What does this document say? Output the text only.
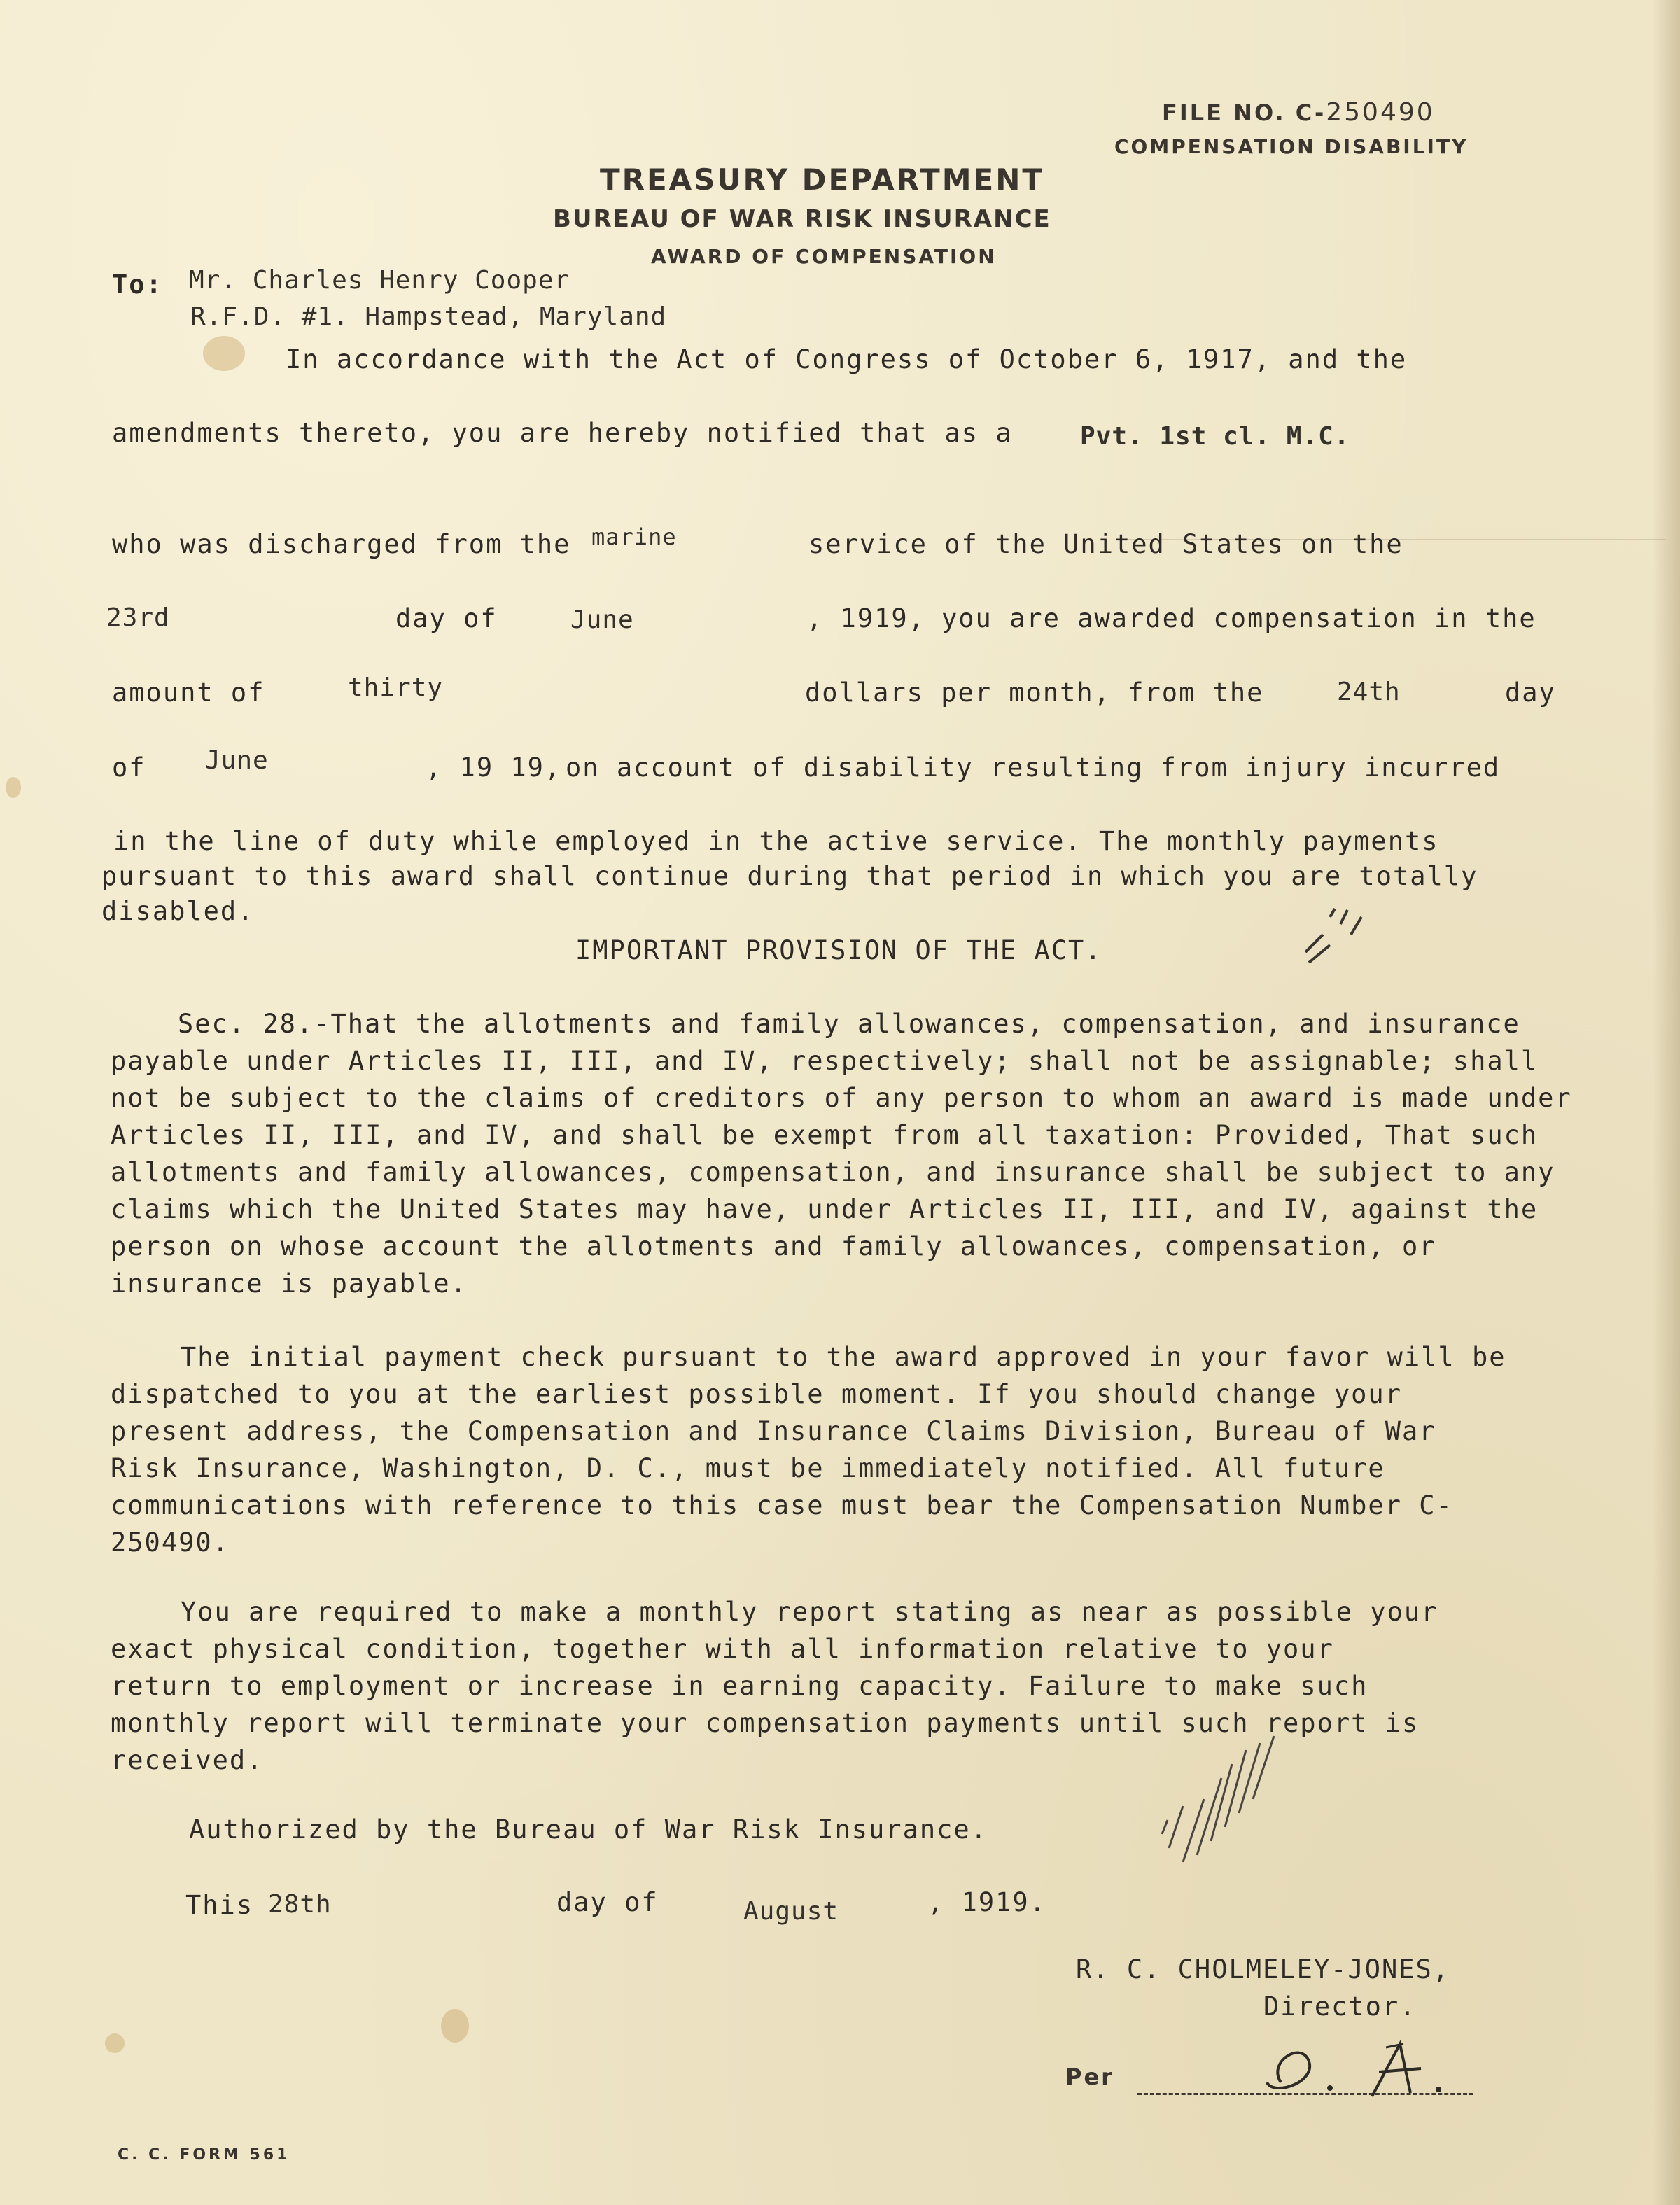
FILE NO. C-250490
COMPENSATION DISABILITY
TREASURY DEPARTMENT
BUREAU OF WAR RISK INSURANCE
AWARD OF COMPENSATION
To: Mr. Charles Henry Cooper
R.F.D. #1. Hampstead, Maryland
In accordance with the Act of Congress of October 6, 1917, and the
amendments thereto, you are hereby notified that as a	Pvt. 1st cl. M.C.
who was discharged from the marine	service of the United States on the
23rd	day of	June	, 1919, you are awarded compensation in the
amount of	thirty	dollars per month, from the	24th	day
of June	, 19 19, on account of disability resulting from injury incurred
in the line of duty while employed in the active service. The monthly payments
pursuant to this award shall continue during that period in which you are totally
disabled.
IMPORTANT PROVISION OF THE ACT.
Sec. 28.-That the allotments and family allowances, compensation, and insurance payable under Articles II, III, and IV, respectively; shall not be assignable; shall not be subject to the claims of creditors of any person to whom an award is made under Articles II, III, and IV, and shall be exempt from all taxation: Provided, That such allotments and family allowances, compensation, and insurance shall be subject to any claims which the United States may have, under Articles II, III, and IV, against the person on whose account the allotments and family allowances, compensation, or insurance is payable.
The initial payment check pursuant to the award approved in your favor will be dispatched to you at the earliest possible moment. If you should change your present address, the Compensation and Insurance Claims Division, Bureau of War Risk Insurance, Washington, D. C., must be immediately notified. All future communications with reference to this case must bear the Compensation Number C-250490.
You are required to make a monthly report stating as near as possible your exact physical condition, together with all information relative to your return to employment or increase in earning capacity. Failure to make such monthly report will terminate your compensation payments until such report is received.
Authorized by the Bureau of War Risk Insurance.
This 28th	day of	August	, 1919.
R. C. CHOLMELEY-JONES,
Director.
Per
C. C. FORM 561
